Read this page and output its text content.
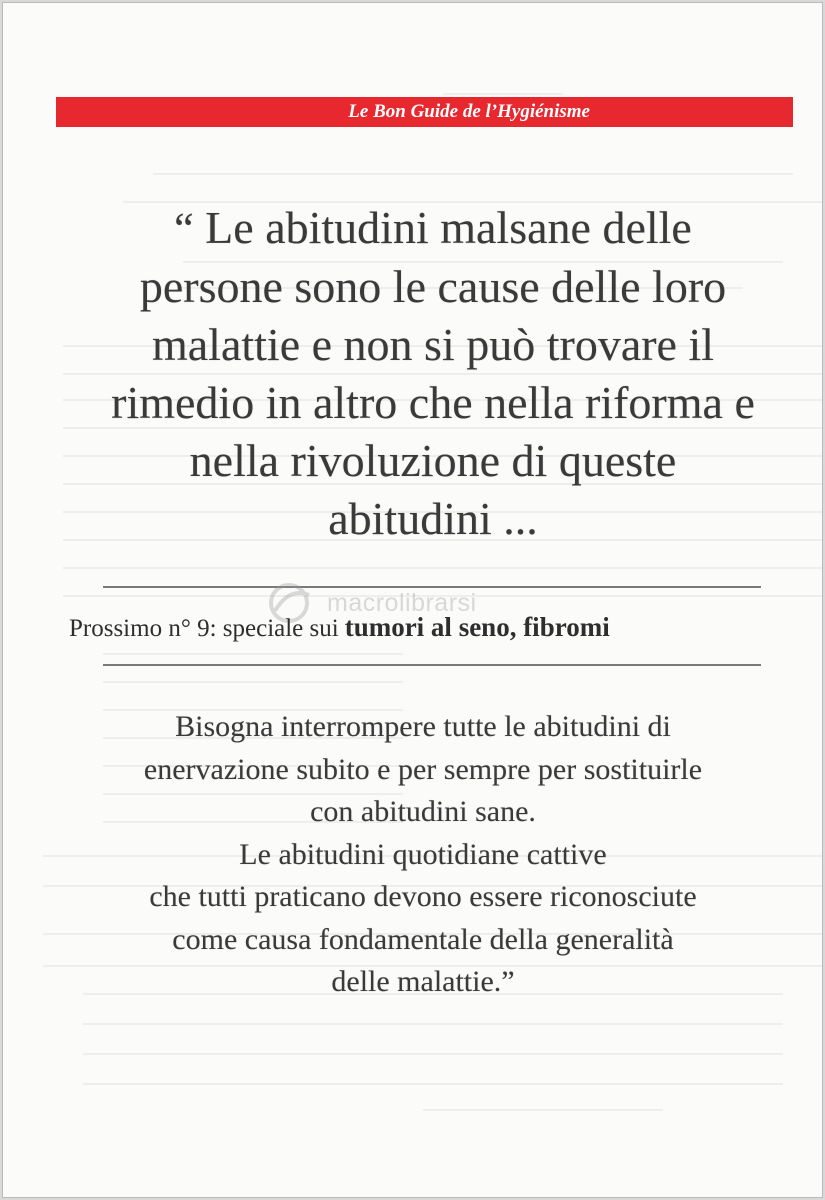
Le Bon Guide de l’Hygiénisme
“ Le abitudini malsane delle
persone sono le cause delle loro
malattie e non si può trovare il
rimedio in altro che nella riforma e
nella rivoluzione di queste
abitudini ...
macrolibrarsi
Prossimo n° 9: speciale sui tumori al seno, fibromi
Bisogna interrompere tutte le abitudini di
enervazione subito e per sempre per sostituirle
con abitudini sane.
Le abitudini quotidiane cattive
che tutti praticano devono essere riconosciute
come causa fondamentale della generalità
delle malattie.”
